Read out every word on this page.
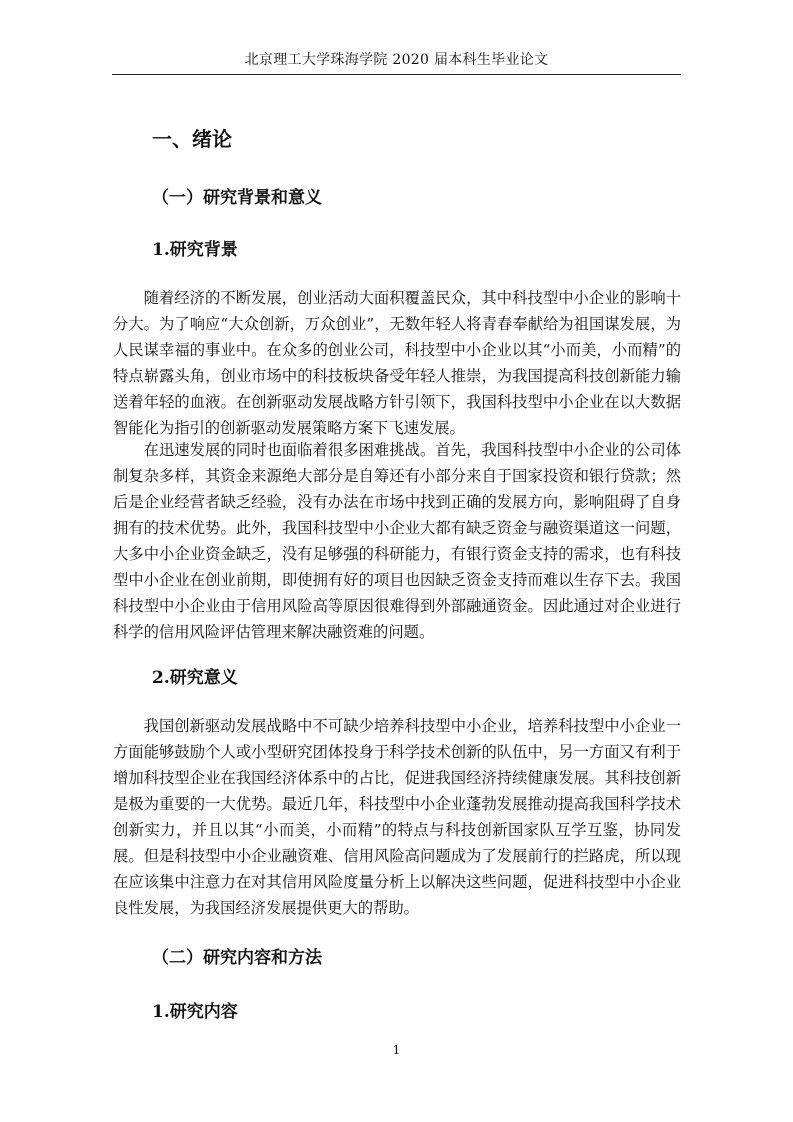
北京理工大学珠海学院 2020 届本科生毕业论文
一、绪论
（一）研究背景和意义
1.研究背景

随着经济的不断发展，创业活动大面积覆盖民众，其中科技型中小企业的影响十分大。为了响应“大众创新，万众创业”，无数年轻人将青春奉献给为祖国谋发展，为人民谋幸福的事业中。在众多的创业公司，科技型中小企业以其“小而美，小而精”的特点崭露头角，创业市场中的科技板块备受年轻人推崇，为我国提高科技创新能力输送着年轻的血液。在创新驱动发展战略方针引领下，我国科技型中小企业在以大数据智能化为指引的创新驱动发展策略方案下飞速发展。

在迅速发展的同时也面临着很多困难挑战。首先，我国科技型中小企业的公司体制复杂多样，其资金来源绝大部分是自筹还有小部分来自于国家投资和银行贷款；然后是企业经营者缺乏经验，没有办法在市场中找到正确的发展方向，影响阻碍了自身拥有的技术优势。此外，我国科技型中小企业大都有缺乏资金与融资渠道这一问题，大多中小企业资金缺乏，没有足够强的科研能力，有银行资金支持的需求，也有科技型中小企业在创业前期，即使拥有好的项目也因缺乏资金支持而难以生存下去。我国科技型中小企业由于信用风险高等原因很难得到外部融通资金。因此通过对企业进行科学的信用风险评估管理来解决融资难的问题。

2.研究意义

我国创新驱动发展战略中不可缺少培养科技型中小企业，培养科技型中小企业一方面能够鼓励个人或小型研究团体投身于科学技术创新的队伍中，另一方面又有利于增加科技型企业在我国经济体系中的占比，促进我国经济持续健康发展。其科技创新是极为重要的一大优势。最近几年，科技型中小企业蓬勃发展推动提高我国科学技术创新实力，并且以其“小而美，小而精”的特点与科技创新国家队互学互鉴，协同发展。但是科技型中小企业融资难、信用风险高问题成为了发展前行的拦路虎，所以现在应该集中注意力在对其信用风险度量分析上以解决这些问题，促进科技型中小企业良性发展，为我国经济发展提供更大的帮助。

（二）研究内容和方法
1.研究内容
1
